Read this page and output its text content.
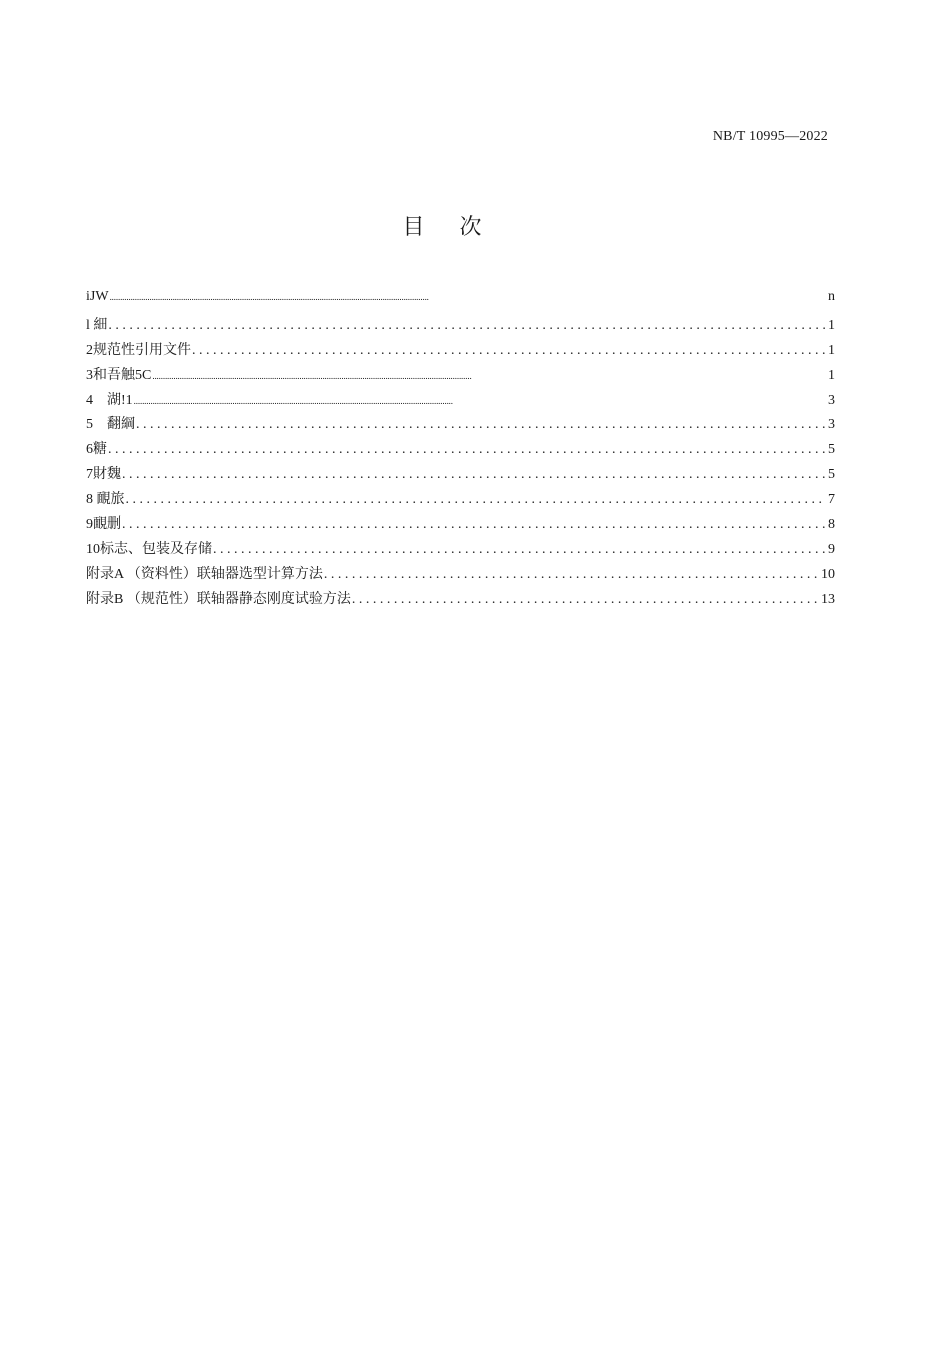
NB/T 10995—2022
目 次
iJW . . .	n
l 細 . . .	1
2规范性引用文件 . . .	1
3和吾触5C . . .	1
4　湖!1 . . .	3
5　翻綱 . . .	3
6糖 . . .	5
7財魏 . . .	5
8 靦旅 . . .	7
9靦删 . . .	8
10标志、包装及存储 . . .	9
附录A （资料性）联轴器选型计算方法 . . .	10
附录B （规范性）联轴器静态刚度试验方法 . . .	13
